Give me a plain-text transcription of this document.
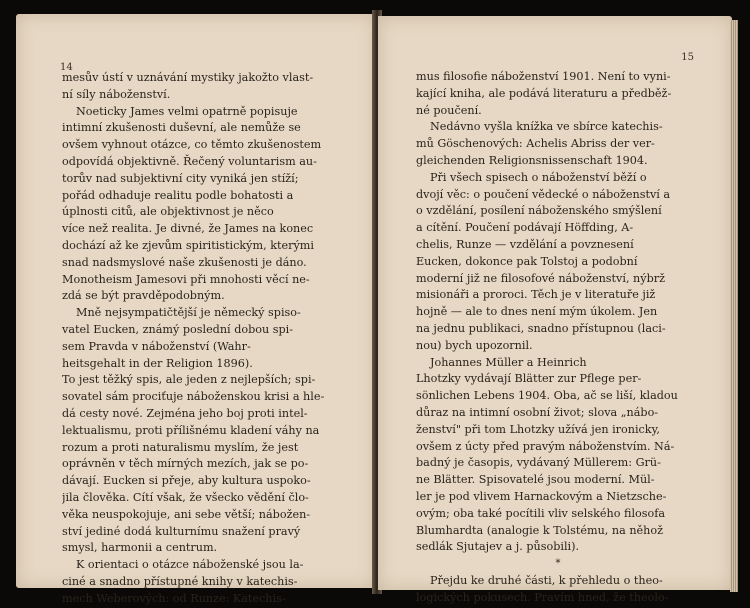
14
mesův ústí v uznávání mystiky jakožto vlast-
ní síly náboženství.
Noeticky James velmi opatrně popisuje
intimní zkušenosti duševní, ale nemůže se
ovšem vyhnout otázce, co těmto zkušenostem
odpovídá objektivně. Řečený voluntarism au-
torův nad subjektivní city vyniká jen stíží;
pořád odhaduje realitu podle bohatosti a
úplnosti citů, ale objektivnost je něco
více než realita. Je divné, že James na konec
dochází až ke zjevům spiritistickým, kterými
snad nadsmyslové naše zkušenosti je dáno.
Monotheism Jamesovi při mnohosti věcí ne-
zdá se být pravděpodobným.
Mně nejsympatičtější je německý spiso-
vatel Eucken, známý poslední dobou spi-
sem Pravda v náboženství (Wahr-
heitsgehalt in der Religion 1896).
To jest těžký spis, ale jeden z nejlepších; spi-
sovatel sám prociťuje náboženskou krisi a hle-
dá cesty nové. Zejména jeho boj proti intel-
lektualismu, proti přílišnému kladení váhy na
rozum a proti naturalismu myslím, že jest
oprávněn v těch mírných mezích, jak se po-
dávají. Eucken si přeje, aby kultura uspoko-
jila člověka. Cítí však, že všecko vědění člo-
věka neuspokojuje, ani sebe větší; nábožen-
ství jediné dodá kulturnímu snažení pravý
smysl, harmonii a centrum.
K orientaci o otázce náboženské jsou la-
ciné a snadno přístupné knihy v katechis-
mech Weberových: od Runze: Katechis-
15
mus filosofie náboženství 1901. Není to vyni-
kající kniha, ale podává literaturu a předběž-
né poučení.
Nedávno vyšla knížka ve sbírce katechis-
mů Göschenových: Achelis Abriss der ver-
gleichenden Religionsnissenschaft 1904.
Při všech spisech o náboženství běží o
dvojí věc: o poučení vědecké o náboženství a
o vzdělání, posílení náboženského smýšlení
a cítění. Poučení podávají Höffding, A-
chelis, Runze — vzdělání a povznesení
Eucken, dokonce pak Tolstoj a podobní
moderní již ne filosofové náboženství, nýbrž
misionáři a proroci. Těch je v literatuře již
hojně — ale to dnes není mým úkolem. Jen
na jednu publikaci, snadno přístupnou (laci-
nou) bych upozornil.
Johannes Müller a Heinrich
Lhotzky vydávají Blätter zur Pflege per-
sönlichen Lebens 1904. Oba, ač se liší, kladou
důraz na intimní osobní život; slova „nábo-
ženství" při tom Lhotzky užívá jen ironicky,
ovšem z úcty před pravým náboženstvím. Ná-
badný je časopis, vydávaný Müllerem: Grü-
ne Blätter. Spisovatelé jsou moderní. Mül-
ler je pod vlivem Harnackovým a Nietzsche-
ovým; oba také pocítili vliv selského filosofa
Blumhardta (analogie k Tolstému, na něhož
sedlák Sjutajev a j. působili).
*
Přejdu ke druhé části, k přehledu o theo-
logických pokusech. Pravím hned, že theolo-
